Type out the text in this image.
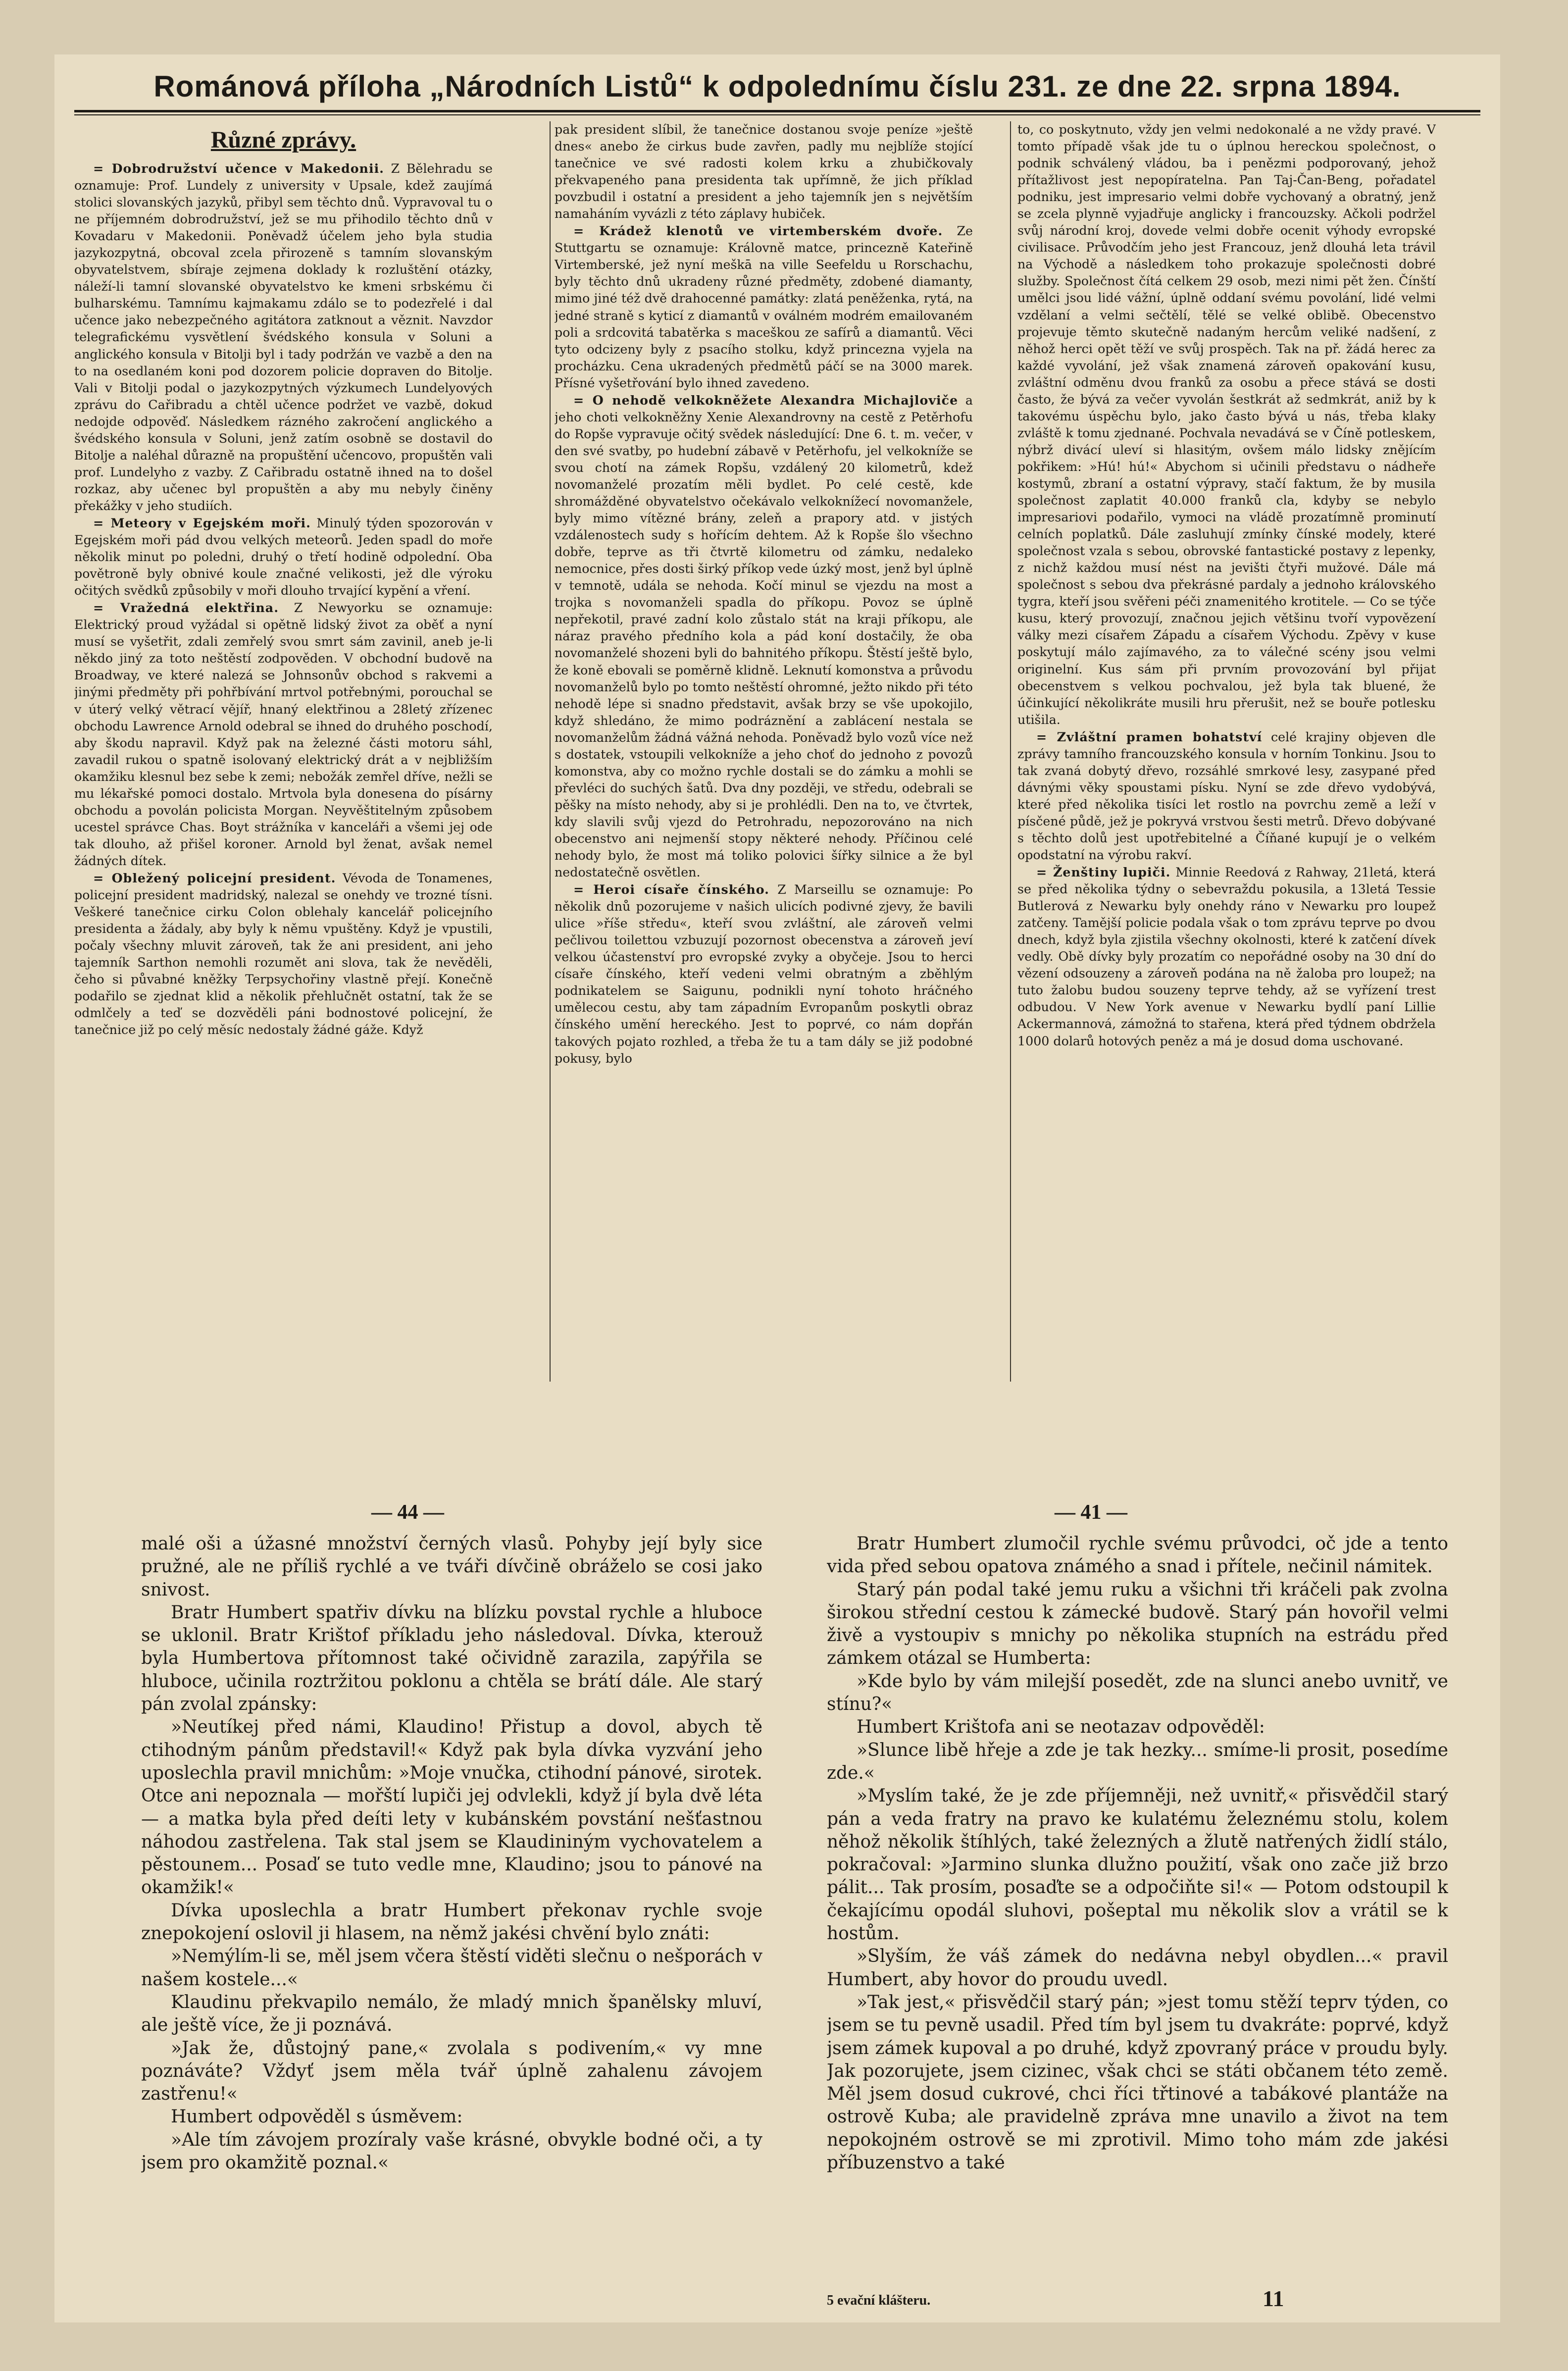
Románová příloha „Národních Listů“ k odpolednímu číslu 231. ze dne 22. srpna 1894.
Různé zprávy.

= Dobrodružství učence v Makedonii. Z Bělehradu se oznamuje: Prof. Lundely z university v Upsale, kdež zaujímá stolici slovanských jazyků, přibyl sem těchto dnů. Vypravoval tu o ne příjemném dobrodružství, jež se mu přihodilo těchto dnů v Kovadaru v Makedonii. Poněvadž účelem jeho byla studia jazykozpytná, obcoval zcela přirozeně s tamním slovanským obyvatelstvem, sbíraje zejmena doklady k rozluštění otázky, náleží-li tamní slovanské obyvatelstvo ke kmeni srbskému či bulharskému. Tamnímu kajmakamu zdálo se to podezřelé i dal učence jako nebezpečného agitátora zatknout a věznit. Navzdor telegrafickému vysvětlení švédského konsula v Soluni a anglického konsula v Bitolji byl i tady podržán ve vazbě a den na to na osedlaném koni pod dozorem policie dopraven do Bitolje. Vali v Bitolji podal o jazykozpytných výzkumech Lundelyových zprávu do Cařibradu a chtěl učence podržet ve vazbě, dokud nedojde odpověď. Následkem rázného zakročení anglického a švédského konsula v Soluni, jenž zatím osobně se dostavil do Bitolje a naléhal důrazně na propuštění učencovo, propuštěn vali prof. Lundelyho z vazby. Z Cařibradu ostatně ihned na to došel rozkaz, aby učenec byl propuštěn a aby mu nebyly činěny překážky v jeho studiích.

= Meteory v Egejském moři. Minulý týden spozorován v Egejském moři pád dvou velkých meteorů. Jeden spadl do moře několik minut po poledni, druhý o třetí hodině odpolední. Oba povětroně byly obnivé koule značné velikosti, jež dle výroku očitých svědků způsobily v moři dlouho trvající kypění a vření.

= Vražedná elektřina. Z Newyorku se oznamuje: Elektrický proud vyžádal si opětně lidský život za oběť a nyní musí se vyšetřit, zdali zemřelý svou smrt sám zavinil, aneb je-li někdo jiný za toto neštěstí zodpověden. V obchodní budově na Broadway, ve které nalezá se Johnsonův obchod s rakvemi a jinými předměty při pohřbívání mrtvol potřebnými, porouchal se v úterý velký větrací vějíř, hnaný elektřinou a 28letý zřízenec obchodu Lawrence Arnold odebral se ihned do druhého poschodí, aby škodu napravil. Když pak na železné části motoru sáhl, zavadil rukou o spatně isolovaný elektrický drát a v nejbližším okamžiku klesnul bez sebe k zemi; nebožák zemřel dříve, nežli se mu lékařské pomoci dostalo. Mrtvola byla donesena do písárny obchodu a povolán policista Morgan. Neyvěštitelným způsobem ucestel správce Chas. Boyt strážníka v kanceláři a všemi jej ode tak dlouho, až přišel koroner. Arnold byl ženat, avšak nemel žádných dítek.

= Obležený policejní president. Vévoda de Tonamenes, policejní president madridský, nalezal se onehdy ve trozné tísni. Veškeré tanečnice cirku Colon oblehaly kancelář policejního presidenta a žádaly, aby byly k němu vpuštěny. Když je vpustili, počaly všechny mluvit zároveň, tak že ani president, ani jeho tajemník Sarthon nemohli rozumět ani slova, tak že nevěděli, čeho si půvabné kněžky Terpsychořiny vlastně přejí. Konečně podařilo se zjednat klid a několik přehlučnět ostatní, tak že se odmlčely a teď se dozvěděli páni bodnostové policejní, že tanečnice již po celý měsíc nedostaly žádné gáže. Když

pak president slíbil, že tanečnice dostanou svoje peníze »ještě dnes« anebo že cirkus bude zavřen, padly mu nejblíže stojící tanečnice ve své radosti kolem krku a zhubičkovaly překvapeného pana presidenta tak upřímně, že jich příklad povzbudil i ostatní a president a jeho tajemník jen s největším namaháním vyvázli z této záplavy hubiček.

= Krádež klenotů ve virtemberském dvoře. Ze Stuttgartu se oznamuje: Královně matce, princezně Kateřině Virtemberské, jež nyní meškā na ville Seefeldu u Rorschachu, byly těchto dnů ukradeny různé předměty, zdobené diamanty, mimo jiné též dvě drahocenné památky: zlatá peněženka, rytá, na jedné straně s kyticí z diamantů v oválném modrém emailovaném poli a srdcovitá tabatěrka s maceškou ze safírů a diamantů. Věci tyto odcizeny byly z psacího stolku, když princezna vyjela na procházku. Cena ukradených předmětů páčí se na 3000 marek. Přísné vyšetřování bylo ihned zavedeno.

= O nehodě velkokněžete Alexandra Michajloviče a jeho choti velkokněžny Xenie Alexandrovny na cestě z Petěrhofu do Ropše vypravuje očitý svědek následující: Dne 6. t. m. večer, v den své svatby, po hudební zábavě v Petěrhofu, jel velkokníže se svou chotí na zámek Ropšu, vzdálený 20 kilometrů, kdež novomanželé prozatím měli bydlet. Po celé cestě, kde shromážděné obyvatelstvo očekávalo velkoknížecí novomanžele, byly mimo vítězné brány, zeleň a prapory atd. v jistých vzdálenostech sudy s hořícím dehtem. Až k Ropše šlo všechno dobře, teprve as tři čtvrtě kilometru od zámku, nedaleko nemocnice, přes dosti širký příkop vede úzký most, jenž byl úplně v temnotě, udála se nehoda. Kočí minul se vjezdu na most a trojka s novomanželi spadla do příkopu. Povoz se úplně nepřekotil, pravé zadní kolo zůstalo stát na kraji příkopu, ale náraz pravého předního kola a pád koní dostačily, že oba novomanželé shozeni byli do bahnitého příkopu. Štěstí ještě bylo, že koně ebovali se poměrně klidně. Leknutí komonstva a průvodu novomanželů bylo po tomto neštěstí ohromné, ježto nikdo při této nehodě lépe si snadno představit, avšak brzy se vše upokojilo, když shledáno, že mimo podráznění a zablácení nestala se novomanželům žádná vážná nehoda. Poněvadž bylo vozů více než s dostatek, vstoupili velkokníže a jeho choť do jednoho z povozů komonstva, aby co možno rychle dostali se do zámku a mohli se převléci do suchých šatů. Dva dny později, ve středu, odebrali se pěšky na místo nehody, aby si je prohlédli. Den na to, ve čtvrtek, kdy slavili svůj vjezd do Petrohradu, nepozorováno na nich obecenstvo ani nejmenší stopy některé nehody. Příčinou celé nehody bylo, že most má toliko polovici šířky silnice a že byl nedostatečně osvětlen.

= Heroi císaře čínského. Z Marseillu se oznamuje: Po několik dnů pozorujeme v našich ulicích podivné zjevy, že bavili ulice »říše středu«, kteří svou zvláštní, ale zároveň velmi pečlivou toilettou vzbuzují pozornost obecenstva a zároveň jeví velkou účastenství pro evropské zvyky a obyčeje. Jsou to herci císaře čínského, kteří vedeni velmi obratným a zběhlým podnikatelem se Saigunu, podnikli nyní tohoto hráčného umělecou cestu, aby tam západním Evropanům poskytli obraz čínského umění hereckého. Jest to poprvé, co nám dopřán takových pojato rozhled, a třeba že tu a tam dály se již podobné pokusy, bylo

to, co poskytnuto, vždy jen velmi nedokonalé a ne vždy pravé. V tomto případě však jde tu o úplnou hereckou společnost, o podnik schválený vládou, ba i penězmi podporovaný, jehož přítažlivost jest nepopíratelna. Pan Taj-Čan-Beng, pořadatel podniku, jest impresario velmi dobře vychovaný a obratný, jenž se zcela plynně vyjadřuje anglicky i francouzsky. Ačkoli podržel svůj národní kroj, dovede velmi dobře ocenit výhody evropské civilisace. Průvodčím jeho jest Francouz, jenž dlouhá leta trávil na Východě a následkem toho prokazuje společnosti dobré služby. Společnost čítá celkem 29 osob, mezi nimi pět žen. Čínští umělci jsou lidé vážní, úplně oddaní svému povolání, lidé velmi vzdělaní a velmi sečtělí, tělé se velké oblibě. Obecenstvo projevuje těmto skutečně nadaným hercům veliké nadšení, z něhož herci opět těží ve svůj prospěch. Tak na př. žádá herec za každé vyvolání, jež však znamená zároveň opakování kusu, zvláštní odměnu dvou franků za osobu a přece stává se dosti často, že bývá za večer vyvolán šestkrát až sedmkrát, aniž by k takovému úspěchu bylo, jako často bývá u nás, třeba klaky zvláště k tomu zjednané. Pochvala nevadává se v Číně potleskem, nýbrž divácí uleví si hlasitým, ovšem málo lidsky znějícím pokřikem: »Hú! hú!« Abychom si učinili představu o nádheře kostymů, zbraní a ostatní výpravy, stačí faktum, že by musila společnost zaplatit 40.000 franků cla, kdyby se nebylo impresariovi podařilo, vymoci na vládě prozatímně prominutí celních poplatků. Dále zasluhují zmínky čínské modely, které společnost vzala s sebou, obrovské fantastické postavy z lepenky, z nichž každou musí nést na jevišti čtyři mužové. Dále má společnost s sebou dva překrásné pardaly a jednoho královského tygra, kteří jsou svěřeni péči znamenitého krotitele. — Co se týče kusu, který provozují, značnou jejich většinu tvoří vypovězení války mezi císařem Západu a císařem Východu. Zpěvy v kuse poskytují málo zajímavého, za to válečné scény jsou velmi originelní. Kus sám při prvním provozování byl přijat obecenstvem s velkou pochvalou, jež byla tak bluené, že účinkující několikráte musili hru přerušit, než se bouře potlesku utišila.

= Zvláštní pramen bohatství celé krajiny objeven dle zprávy tamního francouzského konsula v horním Tonkinu. Jsou to tak zvaná dobytý dřevo, rozsáhlé smrkové lesy, zasypané před dávnými věky spoustami písku. Nyní se zde dřevo vydobývá, které před několika tisíci let rostlo na povrchu země a leží v písčené půdě, jež je pokryvá vrstvou šesti metrů. Dřevo dobývané s těchto dolů jest upotřebitelné a Číňané kupují je o velkém opodstatní na výrobu rakví.

= Ženštiny lupiči. Minnie Reedová z Rahway, 21letá, která se před několika týdny o sebevraždu pokusila, a 13letá Tessie Butlerová z Newarku byly onehdy ráno v Newarku pro loupež zatčeny. Tamější policie podala však o tom zprávu teprve po dvou dnech, když byla zjistila všechny okolnosti, které k zatčení dívek vedly. Obě dívky byly prozatím co nepořádné osoby na 30 dní do vězení odsouzeny a zároveň podána na ně žaloba pro loupež; na tuto žalobu budou souzeny teprve tehdy, až se vyřízení trest odbudou. V New York avenue v Newarku bydlí paní Lillie Ackermannová, zámožná to stařena, která před týdnem obdržela 1000 dolarů hotových peněz a má je dosud doma uschované.

— 44 —	— 41 —

malé oši a úžasné množství černých vlasů. Pohyby její byly sice pružné, ale ne příliš rychlé a ve tváři dívčině obráželo se cosi jako snivost.

Bratr Humbert spatřiv dívku na blízku povstal rychle a hluboce se uklonil. Bratr Krištof příkladu jeho následoval. Dívka, kterouž byla Humbertova přítomnost také očividně zarazila, zapýřila se hluboce, učinila roztržitou poklonu a chtěla se brátí dále. Ale starý pán zvolal zpánsky:

»Neutíkej před námi, Klaudino! Přistup a dovol, abych tě ctihodným pánům představil!« Když pak byla dívka vyzvání jeho uposlechla pravil mnichům: »Moje vnučka, ctihodní pánové, sirotek. Otce ani nepoznala — mořští lupiči jej odvlekli, když jí byla dvě léta — a matka byla před deíti lety v kubánském povstání nešťastnou náhodou zastřelena. Tak stal jsem se Klaudininým vychovatelem a pěstounem... Posaď se tuto vedle mne, Klaudino; jsou to pánové na okamžik!«

Dívka uposlechla a bratr Humbert překonav rychle svoje znepokojení oslovil ji hlasem, na němž jakési chvění bylo znáti:

»Nemýlím-li se, měl jsem včera štěstí viděti slečnu o nešporách v našem kostele...«

Klaudinu překvapilo nemálo, že mladý mnich španělsky mluví, ale ještě více, že ji poznává.

»Jak že, důstojný pane,« zvolala s podivením,« vy mne poznáváte? Vždyť jsem měla tvář úplně zahalenu závojem zastřenu!«

Humbert odpověděl s úsměvem:

»Ale tím závojem prozíraly vaše krásné, obvykle bodné oči, a ty jsem pro okamžitě poznal.«

Bratr Humbert zlumočil rychle svému průvodci, oč jde a tento vida před sebou opatova známého a snad i přítele, nečinil námitek.

Starý pán podal také jemu ruku a všichni tři kráčeli pak zvolna širokou střední cestou k zámecké budově. Starý pán hovořil velmi živě a vystoupiv s mnichy po několika stupních na estrádu před zámkem otázal se Humberta:

»Kde bylo by vám milejší posedět, zde na slunci anebo uvnitř, ve stínu?«

Humbert Krištofa ani se neotazav odpověděl:

»Slunce libě hřeje a zde je tak hezky... smíme-li prosit, posedíme zde.«

»Myslím také, že je zde příjemněji, než uvnitř,« přisvědčil starý pán a veda fratry na pravo ke kulatému železnému stolu, kolem něhož několik štíhlých, také železných a žlutě natřených židlí stálo, pokračoval: »Jarmino slunka dlužno použití, však ono zače již brzo pálit... Tak prosím, posaďte se a odpočiňte si!« — Potom odstoupil k čekajícímu opodál sluhovi, pošeptal mu několik slov a vrátil se k hostům.

»Slyším, že váš zámek do nedávna nebyl obydlen...« pravil Humbert, aby hovor do proudu uvedl.

»Tak jest,« přisvědčil starý pán; »jest tomu stěží teprv týden, co jsem se tu pevně usadil. Před tím byl jsem tu dvakráte: poprvé, když jsem zámek kupoval a po druhé, když zpovraný práce v proudu byly. Jak pozorujete, jsem cizinec, však chci se státi občanem této země. Měl jsem dosud cukrové, chci říci třtinové a tabákové plantáže na ostrově Kuba; ale pravidelně zpráva mne unavilo a život na tem nepokojném ostrově se mi zprotivil. Mimo toho mám zde jakési příbuzenstvo a také

5 evační klášteru.	11
